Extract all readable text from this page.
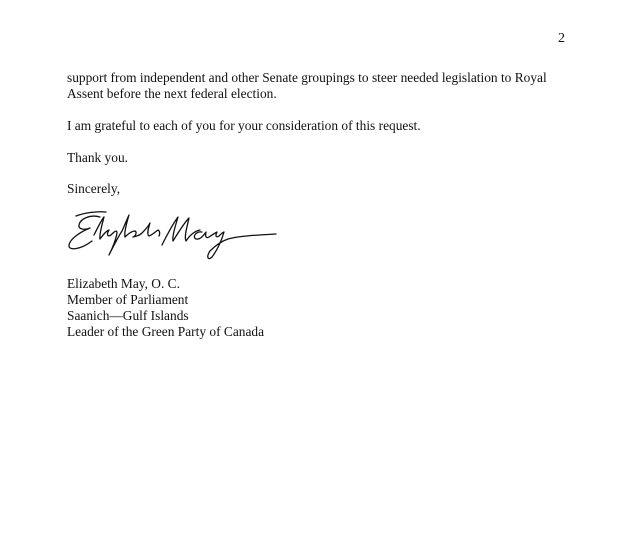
2
support from independent and other Senate groupings to steer needed legislation to Royal Assent before the next federal election.
I am grateful to each of you for your consideration of this request.
Thank you.
Sincerely,
Elizabeth May, O. C.
Member of Parliament
Saanich—Gulf Islands
Leader of the Green Party of Canada
